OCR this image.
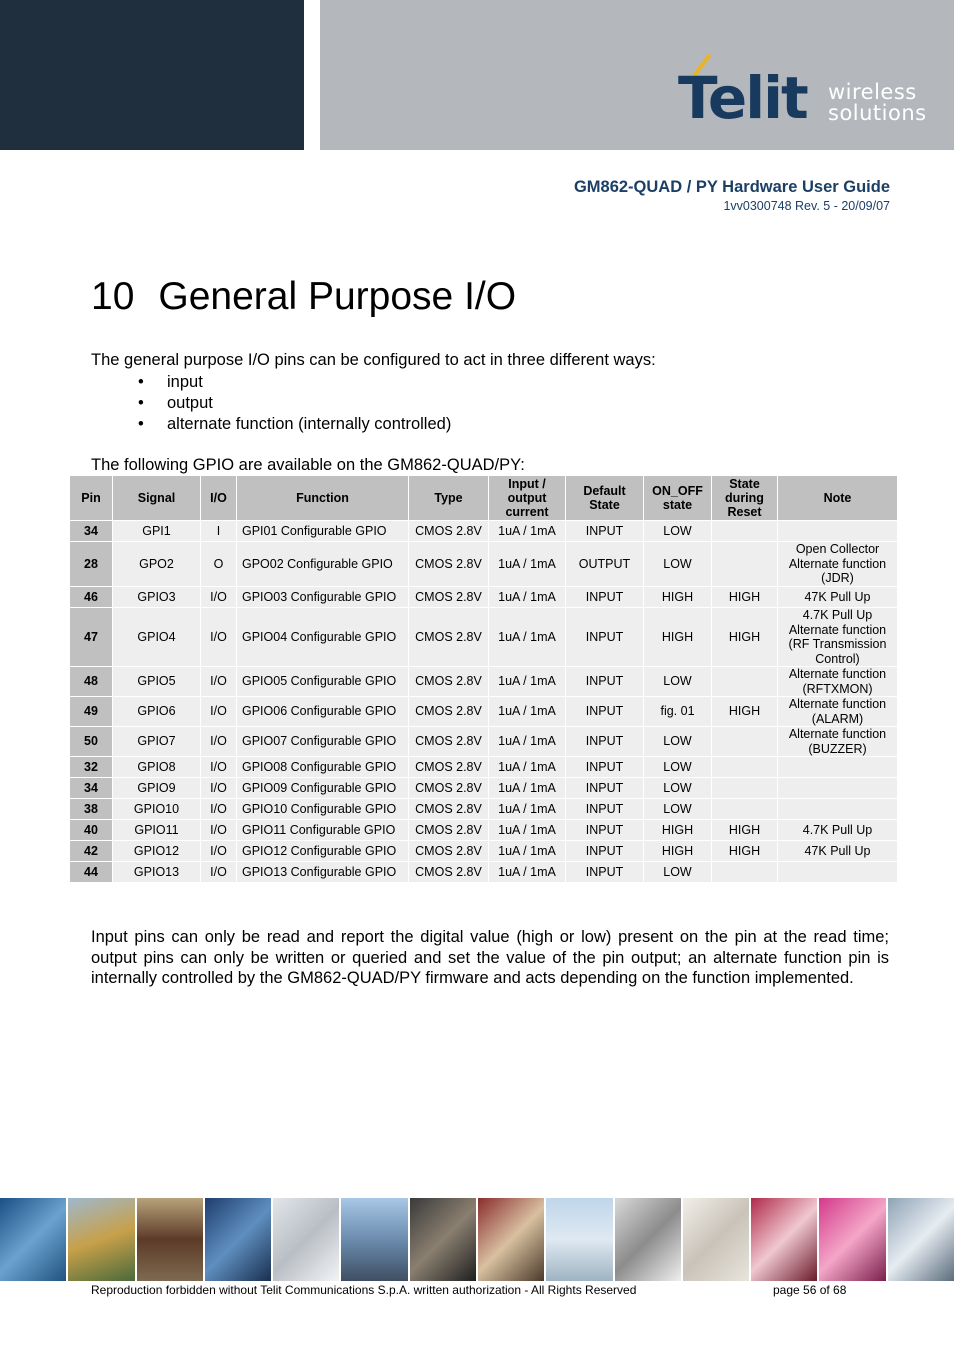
Telit wireless
solutions
GM862-QUAD / PY Hardware User Guide
1vv0300748 Rev. 5 - 20/09/07
10 General Purpose I/O
The general purpose I/O pins can be configured to act in three different ways:
• input
• output
• alternate function (internally controlled)
The following GPIO are available on the GM862-QUAD/PY:
Pin	Signal	I/O	Function	Type	Input / output current	Default State	ON_OFF state	State during Reset	Note
34	GPI1	I	GPI01 Configurable GPIO	CMOS 2.8V	1uA / 1mA	INPUT	LOW		
28	GPO2	O	GPO02 Configurable GPIO	CMOS 2.8V	1uA / 1mA	OUTPUT	LOW		Open Collector Alternate function (JDR)
46	GPIO3	I/O	GPIO03 Configurable GPIO	CMOS 2.8V	1uA / 1mA	INPUT	HIGH	HIGH	47K Pull Up
47	GPIO4	I/O	GPIO04 Configurable GPIO	CMOS 2.8V	1uA / 1mA	INPUT	HIGH	HIGH	4.7K Pull Up Alternate function (RF Transmission Control)
48	GPIO5	I/O	GPIO05 Configurable GPIO	CMOS 2.8V	1uA / 1mA	INPUT	LOW		Alternate function (RFTXMON)
49	GPIO6	I/O	GPIO06 Configurable GPIO	CMOS 2.8V	1uA / 1mA	INPUT	fig. 01	HIGH	Alternate function (ALARM)
50	GPIO7	I/O	GPIO07 Configurable GPIO	CMOS 2.8V	1uA / 1mA	INPUT	LOW		Alternate function (BUZZER)
32	GPIO8	I/O	GPIO08 Configurable GPIO	CMOS 2.8V	1uA / 1mA	INPUT	LOW		
34	GPIO9	I/O	GPIO09 Configurable GPIO	CMOS 2.8V	1uA / 1mA	INPUT	LOW		
38	GPIO10	I/O	GPIO10 Configurable GPIO	CMOS 2.8V	1uA / 1mA	INPUT	LOW		
40	GPIO11	I/O	GPIO11 Configurable GPIO	CMOS 2.8V	1uA / 1mA	INPUT	HIGH	HIGH	4.7K Pull Up
42	GPIO12	I/O	GPIO12 Configurable GPIO	CMOS 2.8V	1uA / 1mA	INPUT	HIGH	HIGH	47K Pull Up
44	GPIO13	I/O	GPIO13 Configurable GPIO	CMOS 2.8V	1uA / 1mA	INPUT	LOW		

Input pins can only be read and report the digital value (high or low) present on the pin at the read time; output pins can only be written or queried and set the value of the pin output; an alternate function pin is internally controlled by the GM862-QUAD/PY firmware and acts depending on the function implemented.

Reproduction forbidden without Telit Communications S.p.A. written authorization - All Rights Reserved	page 56 of 68
